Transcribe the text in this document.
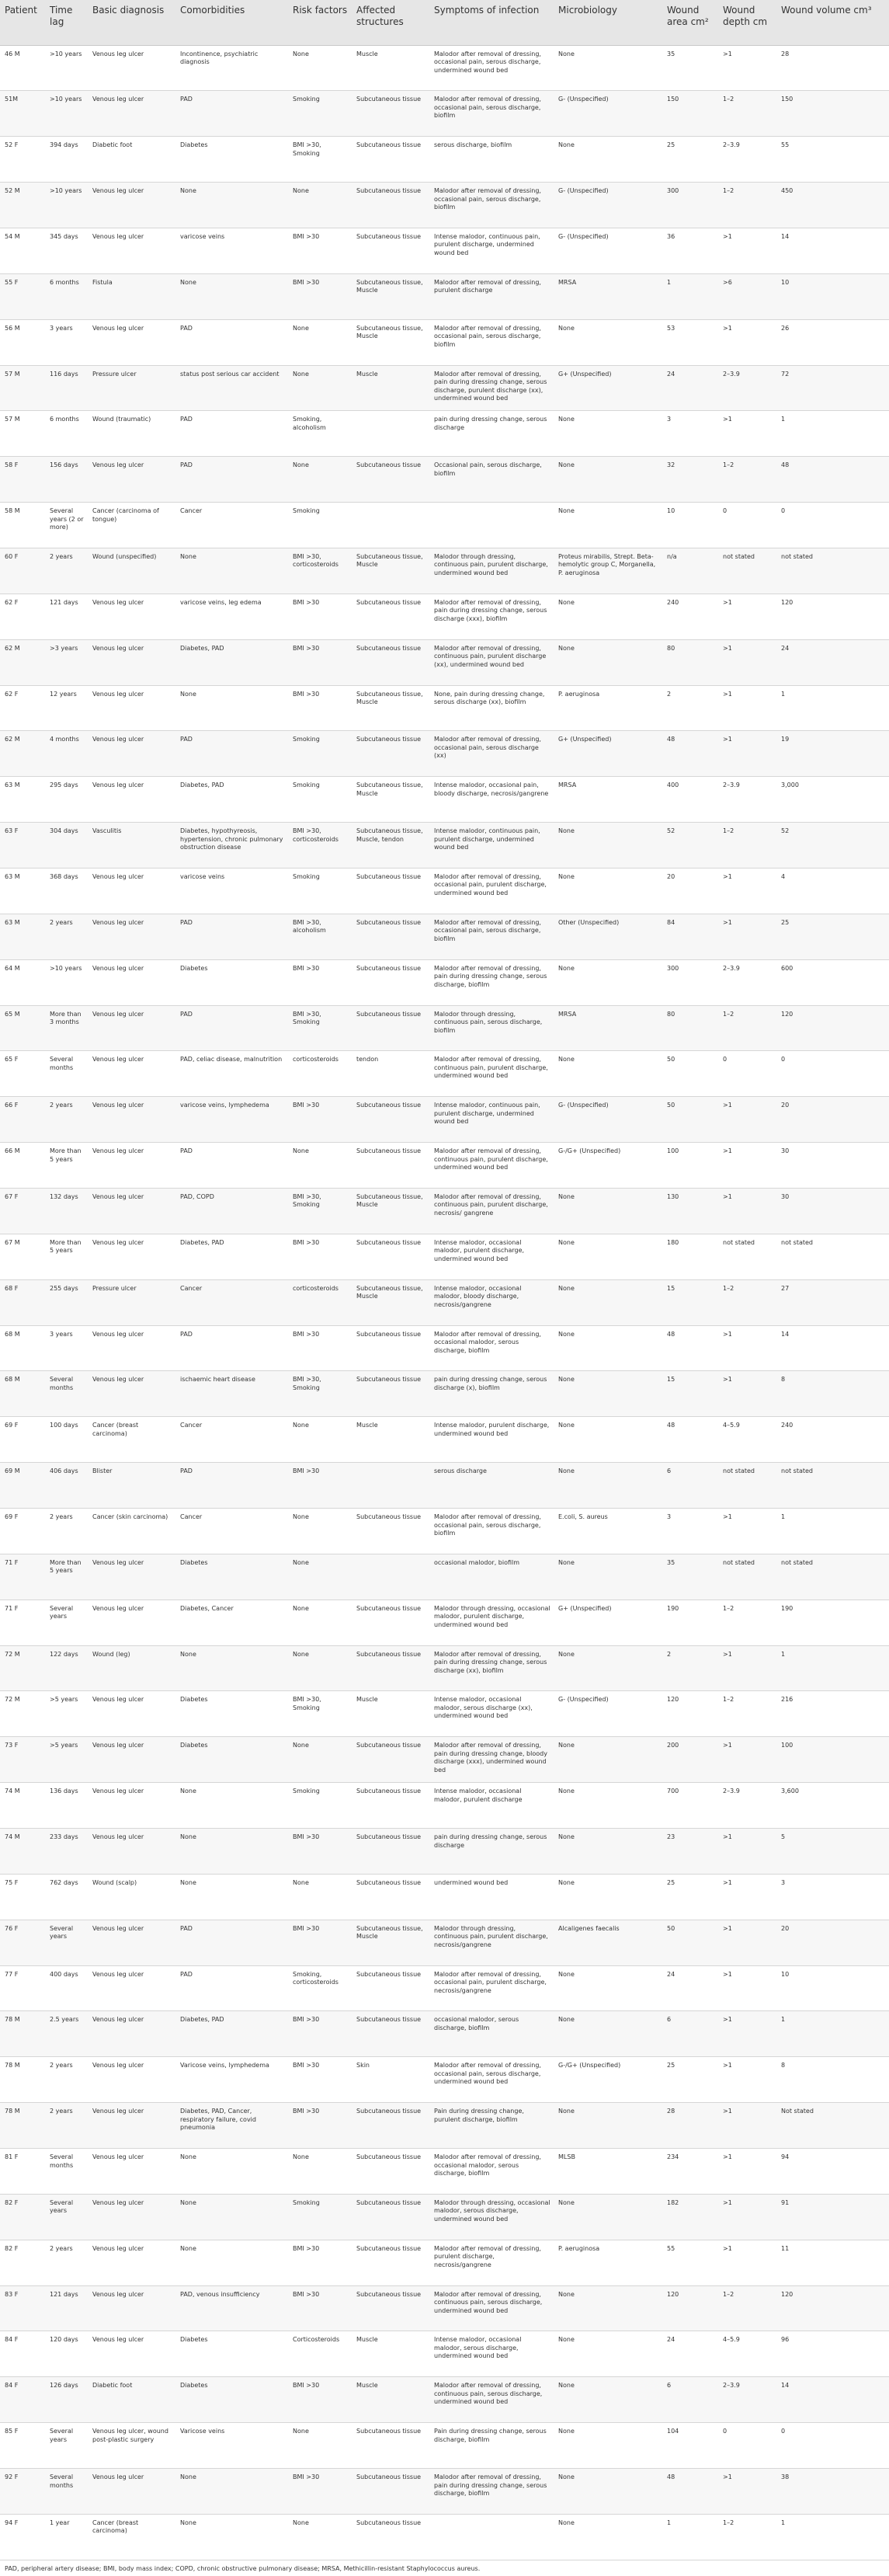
Patient	Time lag	Basic diagnosis	Comorbidities	Risk factors	Affected structures	Symptoms of infection	Microbiology	Wound area cm²	Wound depth cm	Wound volume cm³
46 M	>10 years	Venous leg ulcer	Incontinence, psychiatric diagnosis	None	Muscle	Malodor after removal of dressing, occasional pain, serous discharge, undermined wound bed	None	35	>1	28
51M	>10 years	Venous leg ulcer	PAD	Smoking	Subcutaneous tissue	Malodor after removal of dressing, occasional pain, serous discharge, biofilm	G- (Unspecified)	150	1–2	150
52 F	394 days	Diabetic foot	Diabetes	BMI >30, Smoking	Subcutaneous tissue	serous discharge, biofilm	None	25	2–3.9	55
52 M	>10 years	Venous leg ulcer	None	None	Subcutaneous tissue	Malodor after removal of dressing, occasional pain, serous discharge, biofilm	G- (Unspecified)	300	1–2	450
54 M	345 days	Venous leg ulcer	varicose veins	BMI >30	Subcutaneous tissue	Intense malodor, continuous pain, purulent discharge, undermined wound bed	G- (Unspecified)	36	>1	14
55 F	6 months	Fistula	None	BMI >30	Subcutaneous tissue, Muscle	Malodor after removal of dressing, purulent discharge	MRSA	1	>6	10
56 M	3 years	Venous leg ulcer	PAD	None	Subcutaneous tissue, Muscle	Malodor after removal of dressing, occasional pain, serous discharge, biofilm	None	53	>1	26
57 M	116 days	Pressure ulcer	status post serious car accident	None	Muscle	Malodor after removal of dressing, pain during dressing change, serous discharge, purulent discharge (xx), undermined wound bed	G+ (Unspecified)	24	2–3.9	72
57 M	6 months	Wound (traumatic)	PAD	Smoking, alcoholism		pain during dressing change, serous discharge	None	3	>1	1
58 F	156 days	Venous leg ulcer	PAD	None	Subcutaneous tissue	Occasional pain, serous discharge, biofilm	None	32	1–2	48
58 M	Several years (2 or more)	Cancer (carcinoma of tongue)	Cancer	Smoking			None	10	0	0
60 F	2 years	Wound (unspecified)	None	BMI >30, corticosteroids	Subcutaneous tissue, Muscle	Malodor through dressing, continuous pain, purulent discharge, undermined wound bed	Proteus mirabilis, Strept. Beta-hemolytic group C, Morganella, P. aeruginosa	n/a	not stated	not stated
62 F	121 days	Venous leg ulcer	varicose veins, leg edema	BMI >30	Subcutaneous tissue	Malodor after removal of dressing, pain during dressing change, serous discharge (xxx), biofilm	None	240	>1	120
62 M	>3 years	Venous leg ulcer	Diabetes, PAD	BMI >30	Subcutaneous tissue	Malodor after removal of dressing, continuous pain, purulent discharge (xx), undermined wound bed	None	80	>1	24
62 F	12 years	Venous leg ulcer	None	BMI >30	Subcutaneous tissue, Muscle	None, pain during dressing change, serous discharge (xx), biofilm	P. aeruginosa	2	>1	1
62 M	4 months	Venous leg ulcer	PAD	Smoking	Subcutaneous tissue	Malodor after removal of dressing, occasional pain, serous discharge (xx)	G+ (Unspecified)	48	>1	19
63 M	295 days	Venous leg ulcer	Diabetes, PAD	Smoking	Subcutaneous tissue, Muscle	Intense malodor, occasional pain, bloody discharge, necrosis/gangrene	MRSA	400	2–3.9	3,000
63 F	304 days	Vasculitis	Diabetes, hypothyreosis, hypertension, chronic pulmonary obstruction disease	BMI >30, corticosteroids	Subcutaneous tissue, Muscle, tendon	Intense malodor, continuous pain, purulent discharge, undermined wound bed	None	52	1–2	52
63 M	368 days	Venous leg ulcer	varicose veins	Smoking	Subcutaneous tissue	Malodor after removal of dressing, occasional pain, purulent discharge, undermined wound bed	None	20	>1	4
63 M	2 years	Venous leg ulcer	PAD	BMI >30, alcoholism	Subcutaneous tissue	Malodor after removal of dressing, occasional pain, serous discharge, biofilm	Other (Unspecified)	84	>1	25
64 M	>10 years	Venous leg ulcer	Diabetes	BMI >30	Subcutaneous tissue	Malodor after removal of dressing, pain during dressing change, serous discharge, biofilm	None	300	2–3.9	600
65 M	More than 3 months	Venous leg ulcer	PAD	BMI >30, Smoking	Subcutaneous tissue	Malodor through dressing, continuous pain, serous discharge, biofilm	MRSA	80	1–2	120
65 F	Several months	Venous leg ulcer	PAD, celiac disease, malnutrition	corticosteroids	tendon	Malodor after removal of dressing, continuous pain, purulent discharge, undermined wound bed	None	50	0	0
66 F	2 years	Venous leg ulcer	varicose veins, lymphedema	BMI >30	Subcutaneous tissue	Intense malodor, continuous pain, purulent discharge, undermined wound bed	G- (Unspecified)	50	>1	20
66 M	More than 5 years	Venous leg ulcer	PAD	None	Subcutaneous tissue	Malodor after removal of dressing, continuous pain, purulent discharge, undermined wound bed	G-/G+ (Unspecified)	100	>1	30
67 F	132 days	Venous leg ulcer	PAD, COPD	BMI >30, Smoking	Subcutaneous tissue, Muscle	Malodor after removal of dressing, continuous pain, purulent discharge, necrosis/ gangrene	None	130	>1	30
67 M	More than 5 years	Venous leg ulcer	Diabetes, PAD	BMI >30	Subcutaneous tissue	Intense malodor, occasional malodor, purulent discharge, undermined wound bed	None	180	not stated	not stated
68 F	255 days	Pressure ulcer	Cancer	corticosteroids	Subcutaneous tissue, Muscle	Intense malodor, occasional malodor, bloody discharge, necrosis/gangrene	None	15	1–2	27
68 M	3 years	Venous leg ulcer	PAD	BMI >30	Subcutaneous tissue	Malodor after removal of dressing, occasional malodor, serous discharge, biofilm	None	48	>1	14
68 M	Several months	Venous leg ulcer	ischaemic heart disease	BMI >30, Smoking	Subcutaneous tissue	pain during dressing change, serous discharge (x), biofilm	None	15	>1	8
69 F	100 days	Cancer (breast carcinoma)	Cancer	None	Muscle	Intense malodor, purulent discharge, undermined wound bed	None	48	4–5.9	240
69 M	406 days	Blister	PAD	BMI >30		serous discharge	None	6	not stated	not stated
69 F	2 years	Cancer (skin carcinoma)	Cancer	None	Subcutaneous tissue	Malodor after removal of dressing, occasional pain, serous discharge, biofilm	E.coli, S. aureus	3	>1	1
71 F	More than 5 years	Venous leg ulcer	Diabetes	None		occasional malodor, biofilm	None	35	not stated	not stated
71 F	Several years	Venous leg ulcer	Diabetes, Cancer	None	Subcutaneous tissue	Malodor through dressing, occasional malodor, purulent discharge, undermined wound bed	G+ (Unspecified)	190	1–2	190
72 M	122 days	Wound (leg)	None	None	Subcutaneous tissue	Malodor after removal of dressing, pain during dressing change, serous discharge (xx), biofilm	None	2	>1	1
72 M	>5 years	Venous leg ulcer	Diabetes	BMI >30, Smoking	Muscle	Intense malodor, occasional malodor, serous discharge (xx), undermined wound bed	G- (Unspecified)	120	1–2	216
73 F	>5 years	Venous leg ulcer	Diabetes	None	Subcutaneous tissue	Malodor after removal of dressing, pain during dressing change, bloody discharge (xxx), undermined wound bed	None	200	>1	100
74 M	136 days	Venous leg ulcer	None	Smoking	Subcutaneous tissue	Intense malodor, occasional malodor, purulent discharge	None	700	2–3.9	3,600
74 M	233 days	Venous leg ulcer	None	BMI >30	Subcutaneous tissue	pain during dressing change, serous discharge	None	23	>1	5
75 F	762 days	Wound (scalp)	None	None	Subcutaneous tissue	undermined wound bed	None	25	>1	3
76 F	Several years	Venous leg ulcer	PAD	BMI >30	Subcutaneous tissue, Muscle	Malodor through dressing, continuous pain, purulent discharge, necrosis/gangrene	Alcaligenes faecalis	50	>1	20
77 F	400 days	Venous leg ulcer	PAD	Smoking, corticosteroids	Subcutaneous tissue	Malodor after removal of dressing, occasional pain, purulent discharge, necrosis/gangrene	None	24	>1	10
78 M	2.5 years	Venous leg ulcer	Diabetes, PAD	BMI >30	Subcutaneous tissue	occasional malodor, serous discharge, biofilm	None	6	>1	1
78 M	2 years	Venous leg ulcer	Varicose veins, lymphedema	BMI >30	Skin	Malodor after removal of dressing, occasional pain, serous discharge, undermined wound bed	G-/G+ (Unspecified)	25	>1	8
78 M	2 years	Venous leg ulcer	Diabetes, PAD, Cancer, respiratory failure, covid pneumonia	BMI >30	Subcutaneous tissue	Pain during dressing change, purulent discharge, biofilm	None	28	>1	Not stated
81 F	Several months	Venous leg ulcer	None	None	Subcutaneous tissue	Malodor after removal of dressing, occasional malodor, serous discharge, biofilm	MLSB	234	>1	94
82 F	Several years	Venous leg ulcer	None	Smoking	Subcutaneous tissue	Malodor through dressing, occasional malodor, serous discharge, undermined wound bed	None	182	>1	91
82 F	2 years	Venous leg ulcer	None	BMI >30	Subcutaneous tissue	Malodor after removal of dressing, purulent discharge, necrosis/gangrene	P. aeruginosa	55	>1	11
83 F	121 days	Venous leg ulcer	PAD, venous insufficiency	BMI >30	Subcutaneous tissue	Malodor after removal of dressing, continuous pain, serous discharge, undermined wound bed	None	120	1–2	120
84 F	120 days	Venous leg ulcer	Diabetes	Corticosteroids	Muscle	Intense malodor, occasional malodor, serous discharge, undermined wound bed	None	24	4–5.9	96
84 F	126 days	Diabetic foot	Diabetes	BMI >30	Muscle	Malodor after removal of dressing, continuous pain, serous discharge, undermined wound bed	None	6	2–3.9	14
85 F	Several years	Venous leg ulcer, wound post-plastic surgery	Varicose veins	None	Subcutaneous tissue	Pain during dressing change, serous discharge, biofilm	None	104	0	0
92 F	Several months	Venous leg ulcer	None	BMI >30	Subcutaneous tissue	Malodor after removal of dressing, pain during dressing change, serous discharge, biofilm	None	48	>1	38
94 F	1 year	Cancer (breast carcinoma)	None	None	Subcutaneous tissue		None	1	1–2	1
PAD, peripheral artery disease; BMI, body mass index; COPD, chronic obstructive pulmonary disease; MRSA, Methicillin-resistant Staphylococcus aureus.
